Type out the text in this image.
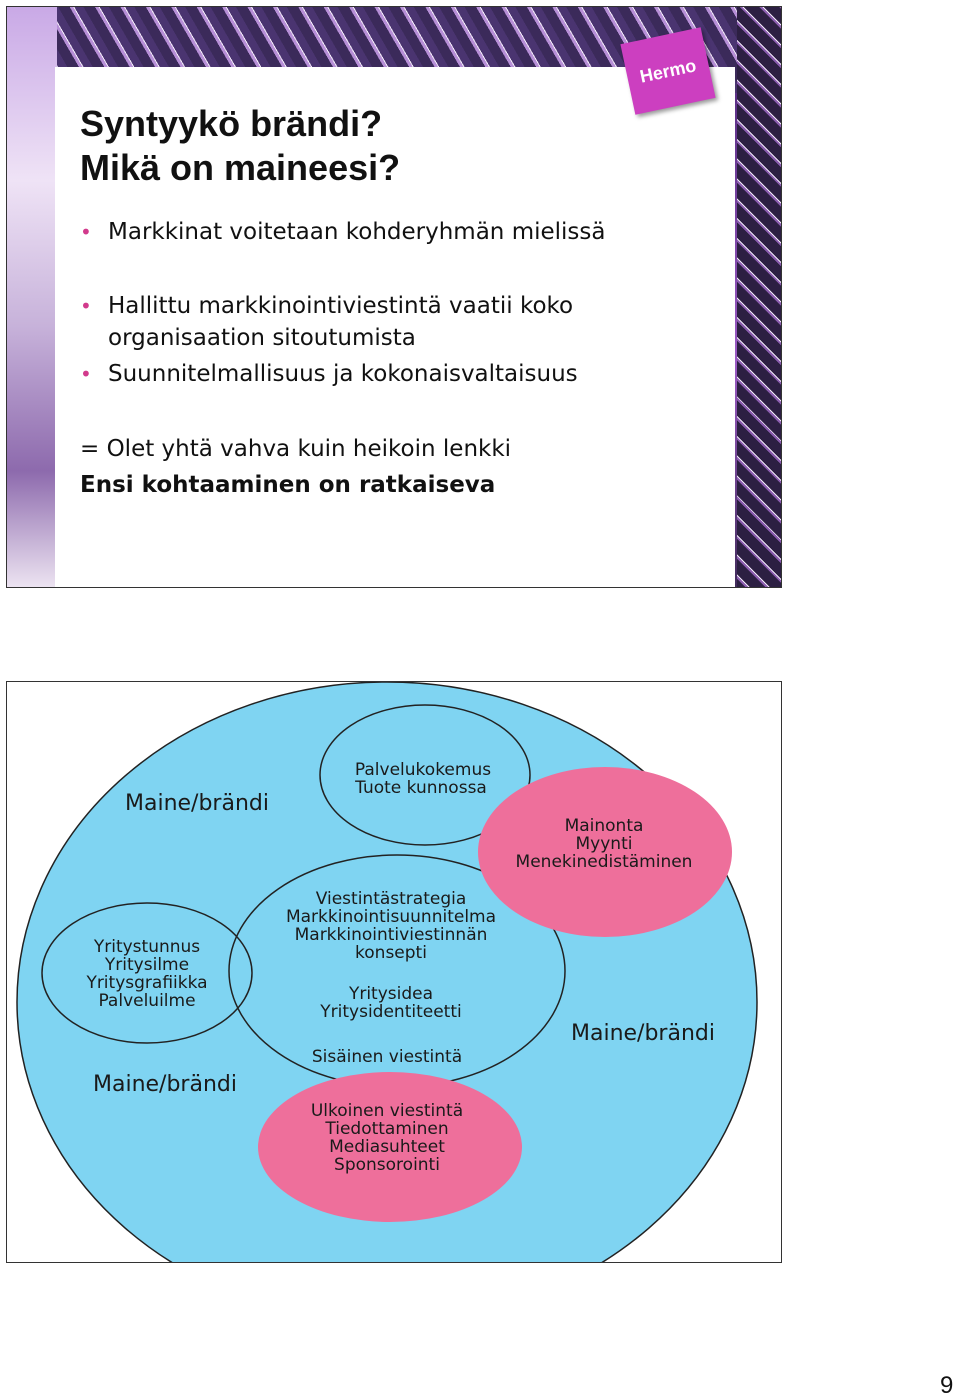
Hermo
Syntyykö brändi?
Mikä on maineesi?
• Markkinat voitetaan kohderyhmän mielissä
• Hallittu markkinointiviestintä vaatii koko organisaation sitoutumista
• Suunnitelmallisuus ja kokonaisvaltaisuus
= Olet yhtä vahva kuin heikoin lenkki
Ensi kohtaaminen on ratkaiseva
Maine/brändi
Maine/brändi
Maine/brändi
Palvelukokemus
Tuote kunnossa
Mainonta
Myynti
Menekinedistäminen
Yritystunnus
Yritysilme
Yritysgrafiikka
Palveluilme
Viestintästrategia
Markkinointisuunnitelma
Markkinointiviestinnän
konsepti
Yritysidea
Yritysidentiteetti
Sisäinen viestintä
Ulkoinen viestintä
Tiedottaminen
Mediasuhteet
Sponsorointi
9
